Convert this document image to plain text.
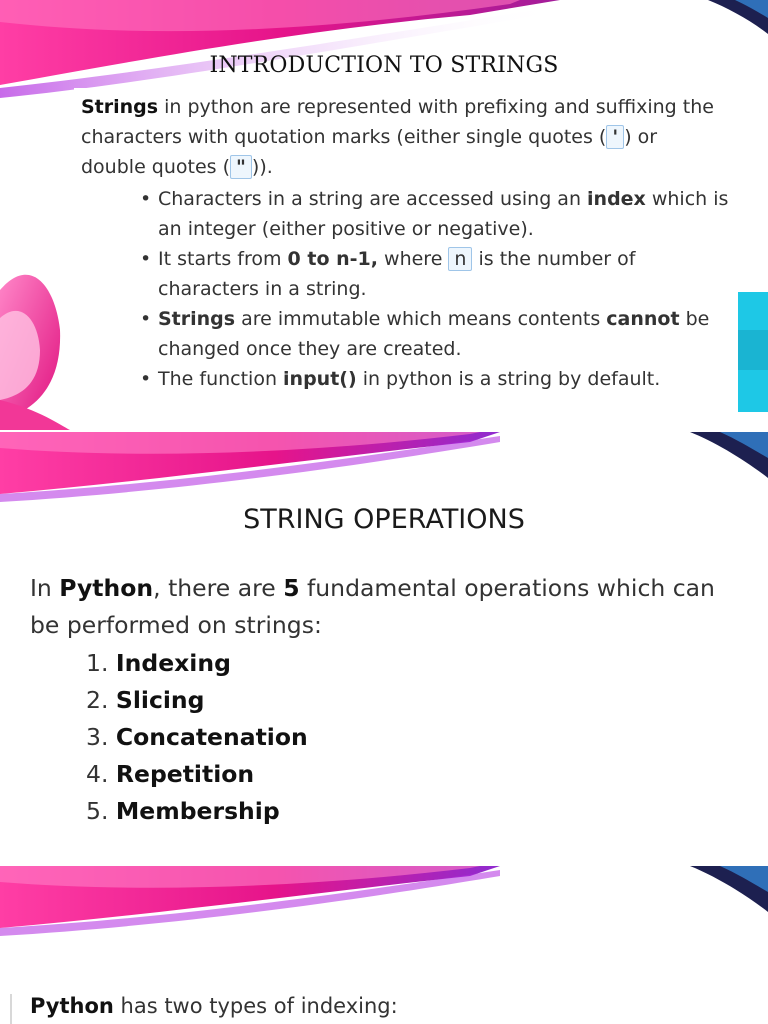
INTRODUCTION TO STRINGS

Strings in python are represented with prefixing and suffixing the characters with quotation marks (either single quotes ( ' ) or double quotes ( " )).

• Characters in a string are accessed using an index which is an integer (either positive or negative).
• It starts from 0 to n-1, where n is the number of characters in a string.
• Strings are immutable which means contents cannot be changed once they are created.
• The function input() in python is a string by default.
STRING OPERATIONS

In Python, there are 5 fundamental operations which can be performed on strings:

1. Indexing
2. Slicing
3. Concatenation
4. Repetition
5. Membership

Python has two types of indexing:
